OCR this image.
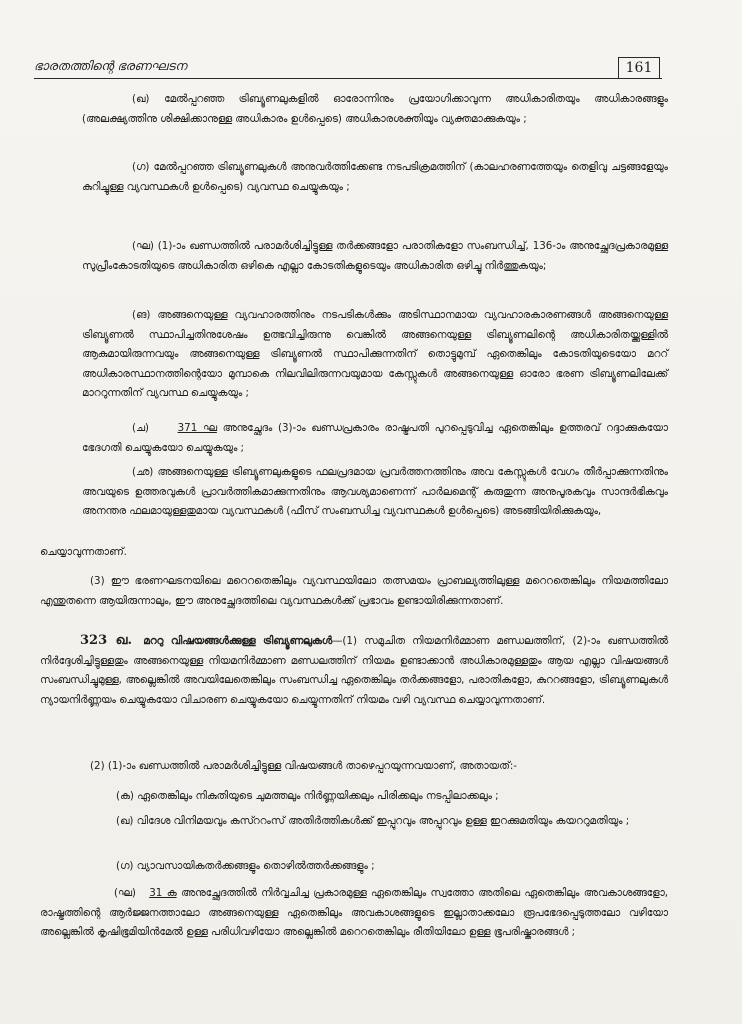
ഭാരതത്തിന്റെ ഭരണഘടന	161
(ഖ) മേൽപ്പറഞ്ഞ ട്രിബ്യൂണലുകളിൽ ഓരോന്നിനും പ്രയോഗിക്കാവുന്ന അധികാരിതയും അധികാരങ്ങളും (അലക്ഷ്യത്തിനു ശിക്ഷിക്കാനുള്ള അധികാരം ഉൾപ്പെടെ) അധികാരശക്തിയും വ്യക്തമാക്കുകയും ;
(ഗ) മേൽപ്പറഞ്ഞ ട്രിബ്യൂണലുകൾ അനുവർത്തിക്കേണ്ട നടപടിക്രമത്തിന് (കാലഹരണത്തേയും തെളിവു ചട്ടങ്ങളേയും കുറിച്ചുള്ള വ്യവസ്ഥകൾ ഉൾപ്പെടെ) വ്യവസ്ഥ ചെയ്യുകയും ;
(ഘ) (1)-ാം ഖണ്ഡത്തിൽ പരാമർശിച്ചിട്ടുള്ള തർക്കങ്ങളോ പരാതികളോ സംബന്ധിച്ച്, 136-ാം അനുച്ഛേദപ്രകാരമുള്ള സുപ്രീംകോടതിയുടെ അധികാരിത ഒഴികെ എല്ലാ കോടതികളുടെയും അധികാരിത ഒഴിച്ചു നിർത്തുകയും;
(ങ) അങ്ങനെയുള്ള വ്യവഹാരത്തിനും നടപടികൾക്കും അടിസ്ഥാനമായ വ്യവഹാരകാരണങ്ങൾ അങ്ങനെയുള്ള ട്രിബ്യൂണൽ സ്ഥാപിച്ചതിനുശേഷം ഉത്ഭവിച്ചിരുന്നു വെങ്കിൽ അങ്ങനെയുള്ള ട്രിബ്യൂണലിന്റെ അധികാരിതയ്ക്കുള്ളിൽ ആകുമായിരുന്നവയും അങ്ങനെയുള്ള ട്രിബ്യൂണൽ സ്ഥാപിക്കുന്നതിന് തൊട്ടുമുമ്പ് ഏതെങ്കിലും കോടതിയുടെയോ മററ് അധികാരസ്ഥാനത്തിന്റെയോ മുമ്പാകെ നിലവിലിരുന്നവയുമായ കേസ്സുകൾ അങ്ങനെയുള്ള ഓരോ ഭരണ ട്രിബ്യൂണലിലേക്ക് മാററുന്നതിന് വ്യവസ്ഥ ചെയ്യുകയും ;
(ച)	371 ഘ അനുച്ഛേദം (3)-ാം ഖണ്ഡപ്രകാരം രാഷ്ട്രപതി പുറപ്പെടുവിച്ച ഏതെങ്കിലും ഉത്തരവ് റദ്ദാക്കുകയോ ഭേദഗതി ചെയ്യുകയോ ചെയ്യുകയും ;
(ഛ) അങ്ങനെയുള്ള ട്രിബ്യൂണലുകളുടെ ഫലപ്രദമായ പ്രവർത്തനത്തിനും അവ കേസ്സുകൾ വേഗം തീർപ്പാക്കുന്നതിനും അവയുടെ ഉത്തരവുകൾ പ്രാവർത്തികമാക്കുന്നതിനും ആവശ്യമാണെന്ന് പാർലമെന്റ് കരുതുന്ന അനുപൂരകവും സാന്ദർഭികവും അനന്തര ഫലമായുള്ളതുമായ വ്യവസ്ഥകൾ (ഫീസ് സംബന്ധിച്ച വ്യവസ്ഥകൾ ഉൾപ്പെടെ) അടങ്ങിയിരിക്കുകയും,
ചെയ്യാവുന്നതാണ്.
(3) ഈ ഭരണഘടനയിലെ മറെറതെങ്കിലും വ്യവസ്ഥയിലോ തത്സമയം പ്രാബല്യത്തിലുള്ള മറെറതെങ്കിലും നിയമത്തിലോ എന്തുതന്നെ ആയിരുന്നാലും, ഈ അനുച്ഛേദത്തിലെ വ്യവസ്ഥകൾക്ക് പ്രഭാവം ഉണ്ടായിരിക്കുന്നതാണ്.
323 ഖ. മററു വിഷയങ്ങൾക്കുള്ള ട്രിബ്യൂണലുകൾ—(1) സമുചിത നിയമനിർമ്മാണ മണ്ഡലത്തിന്, (2)-ാം ഖണ്ഡത്തിൽ നിർദ്ദേശിച്ചിട്ടുള്ളതും അങ്ങനെയുള്ള നിയമനിർമ്മാണ മണ്ഡലത്തിന് നിയമം ഉണ്ടാക്കാൻ അധികാരമുള്ളതും ആയ എല്ലാ വിഷയങ്ങൾ സംബന്ധിച്ചുമുള്ള, അല്ലെങ്കിൽ അവയിലേതെങ്കിലും സംബന്ധിച്ച ഏതെങ്കിലും തർക്കങ്ങളോ, പരാതികളോ, കുററങ്ങളോ, ട്രിബ്യൂണലുകൾ ന്യായനിർണ്ണയം ചെയ്യുകയോ വിചാരണ ചെയ്യുകയോ ചെയ്യുന്നതിന് നിയമം വഴി വ്യവസ്ഥ ചെയ്യാവുന്നതാണ്.
(2) (1)-ാം ഖണ്ഡത്തിൽ പരാമർശിച്ചിട്ടുള്ള വിഷയങ്ങൾ താഴെപ്പറയുന്നവയാണ്, അതായത്:-
(ക) ഏതെങ്കിലും നികുതിയുടെ ചുമത്തലും നിർണ്ണയിക്കലും പിരിക്കലും നടപ്പിലാക്കലും ;
(ഖ) വിദേശ വിനിമയവും കസ്ററംസ് അതിർത്തികൾക്ക് ഇപ്പുറവും അപ്പുറവും ഉള്ള ഇറക്കുമതിയും കയററുമതിയും ;
(ഗ) വ്യാവസായികതർക്കങ്ങളും തൊഴിൽത്തർക്കങ്ങളും ;
(ഘ) 31 ക അനുച്ഛേദത്തിൽ നിർവ്വചിച്ച പ്രകാരമുള്ള ഏതെങ്കിലും സ്വത്തോ അതിലെ ഏതെങ്കിലും അവകാശങ്ങളോ, രാഷ്ട്രത്തിന്റെ ആർജ്ജനത്താലോ അങ്ങനെയുള്ള ഏതെങ്കിലും അവകാശങ്ങളുടെ ഇല്ലാതാക്കലോ രൂപഭേദപ്പെടുത്തലോ വഴിയോ അല്ലെങ്കിൽ കൃഷിഭൂമിയിൻമേൽ ഉള്ള പരിധിവഴിയോ അല്ലെങ്കിൽ മറെറതെങ്കിലും രീതിയിലോ ഉള്ള ഭൂപരിഷ്കാരങ്ങൾ ;
